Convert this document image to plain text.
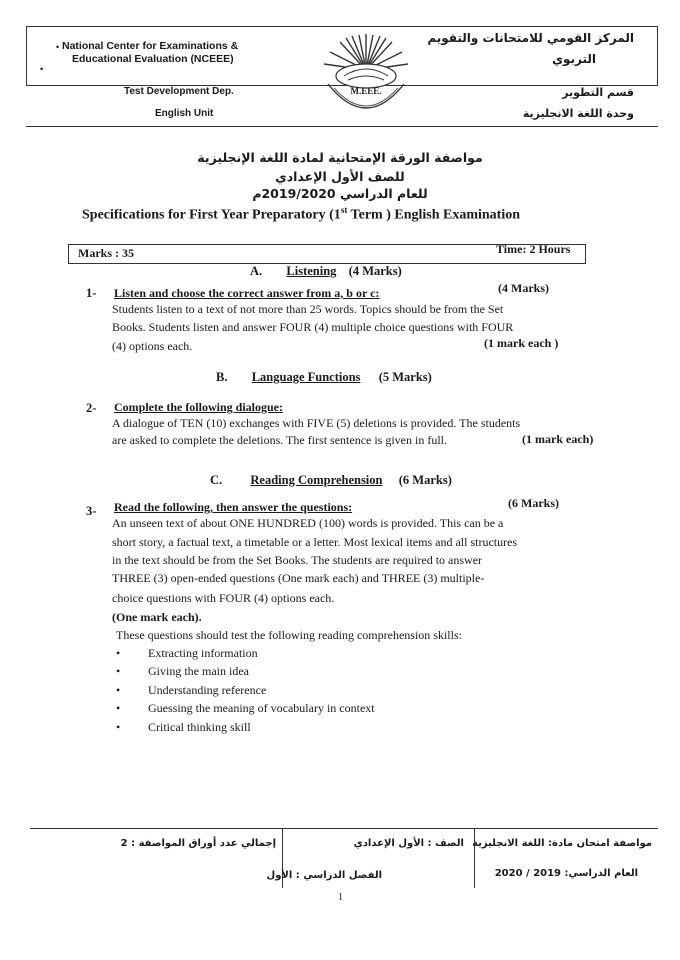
•
•
National Center for Examinations &
Educational Evaluation (NCEEE)
المركز القومي للامتحانات والتقويم
التربوي
M.EEE.
Test Development Dep.
English Unit
قسم التطوير
وحدة اللغة الانجليزية
مواصفة الورقة الإمتحانية لمادة اللغة الإنجليزية
للصف الأول الإعدادي
للعام الدراسي 2019/2020م
Specifications for First Year Preparatory (1st Term ) English Examination
Marks : 35	Time: 2 Hours
A. Listening (4 Marks)
1- Listen and choose the correct answer from a, b or c:	(4 Marks)
Students listen to a text of not more than 25 words. Topics should be from the Set
Books. Students listen and answer FOUR (4) multiple choice questions with FOUR
(4) options each.	(1 mark each )
B. Language Functions (5 Marks)
2- Complete the following dialogue:
A dialogue of TEN (10) exchanges with FIVE (5) deletions is provided. The students
are asked to complete the deletions. The first sentence is given in full.	(1 mark each)
C. Reading Comprehension (6 Marks)
3- Read the following, then answer the questions:	(6 Marks)
An unseen text of about ONE HUNDRED (100) words is provided. This can be a
short story, a factual text, a timetable or a letter. Most lexical items and all structures
in the text should be from the Set Books. The students are required to answer
THREE (3) open-ended questions (One mark each) and THREE (3) multiple-
choice questions with FOUR (4) options each.
(One mark each).
These questions should test the following reading comprehension skills:
• Extracting information
• Giving the main idea
• Understanding reference
• Guessing the meaning of vocabulary in context
• Critical thinking skill
مواصفة امتحان مادة: اللغة الانجليزية
العام الدراسي: 2019 / 2020
الصف : الأول الإعدادي
الفصل الدراسي : الأول
إجمالي عدد أوراق المواصفة : 2
1
